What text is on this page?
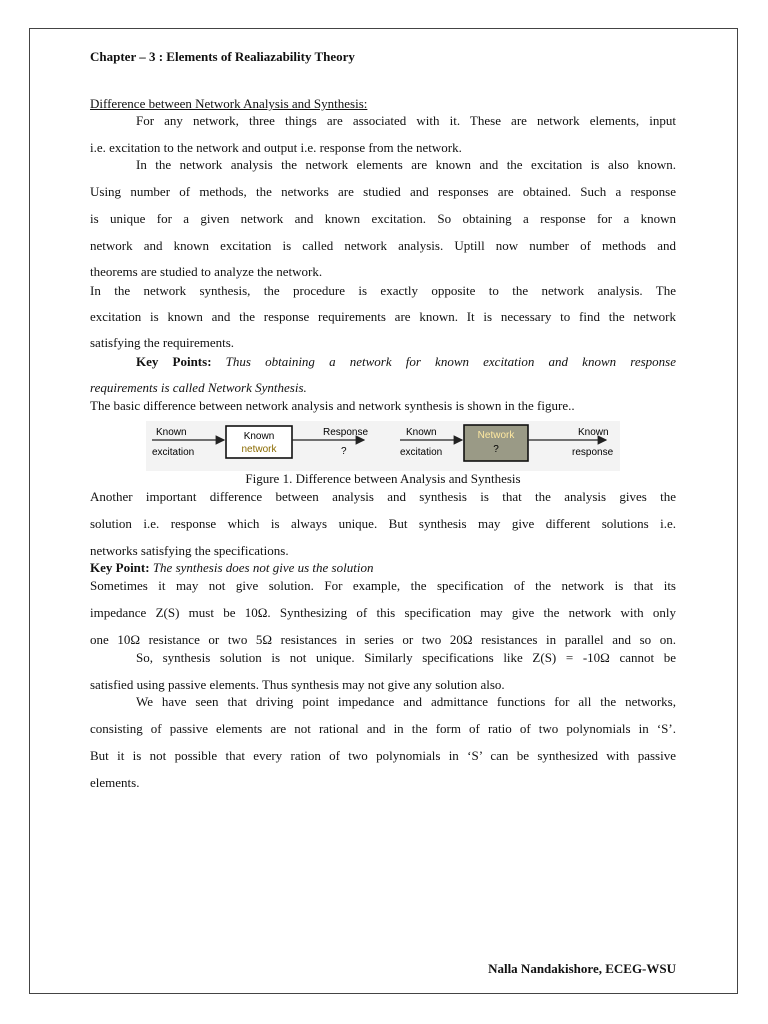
Chapter – 3 : Elements of Realiazability Theory
Difference between Network Analysis and Synthesis:
For any network, three things are associated with it. These are network elements, input
i.e. excitation to the network and output i.e. response from the network.
In the network analysis the network elements are known and the excitation is also known.
Using number of methods, the networks are studied and responses are obtained. Such a response
is unique for a given network and known excitation. So obtaining a response for a known
network and known excitation is called network analysis. Uptill now number of methods and
theorems are studied to analyze the network.
In the network synthesis, the procedure is exactly opposite to the network analysis. The
excitation is known and the response requirements are known. It is necessary to find the network
satisfying the requirements.
Key Points: Thus obtaining a network for known excitation and known response
requirements is called Network Synthesis.
The basic difference between network analysis and network synthesis is shown in the figure..
Known
excitation
Known
network
Response
?
Known
excitation
Network
?
Known
response
Figure 1. Difference between Analysis and Synthesis
Another important difference between analysis and synthesis is that the analysis gives the
solution i.e. response which is always unique. But synthesis may give different solutions i.e.
networks satisfying the specifications.
Key Point: The synthesis does not give us the solution
Sometimes it may not give solution. For example, the specification of the network is that its
impedance Z(S) must be 10Ω. Synthesizing of this specification may give the network with only
one 10Ω resistance or two 5Ω resistances in series or two 20Ω resistances in parallel and so on.
So, synthesis solution is not unique. Similarly specifications like Z(S) = -10Ω cannot be
satisfied using passive elements. Thus synthesis may not give any solution also.
We have seen that driving point impedance and admittance functions for all the networks,
consisting of passive elements are not rational and in the form of ratio of two polynomials in ‘S’.
But it is not possible that every ration of two polynomials in ‘S’ can be synthesized with passive
elements.
Nalla Nandakishore, ECEG-WSU
